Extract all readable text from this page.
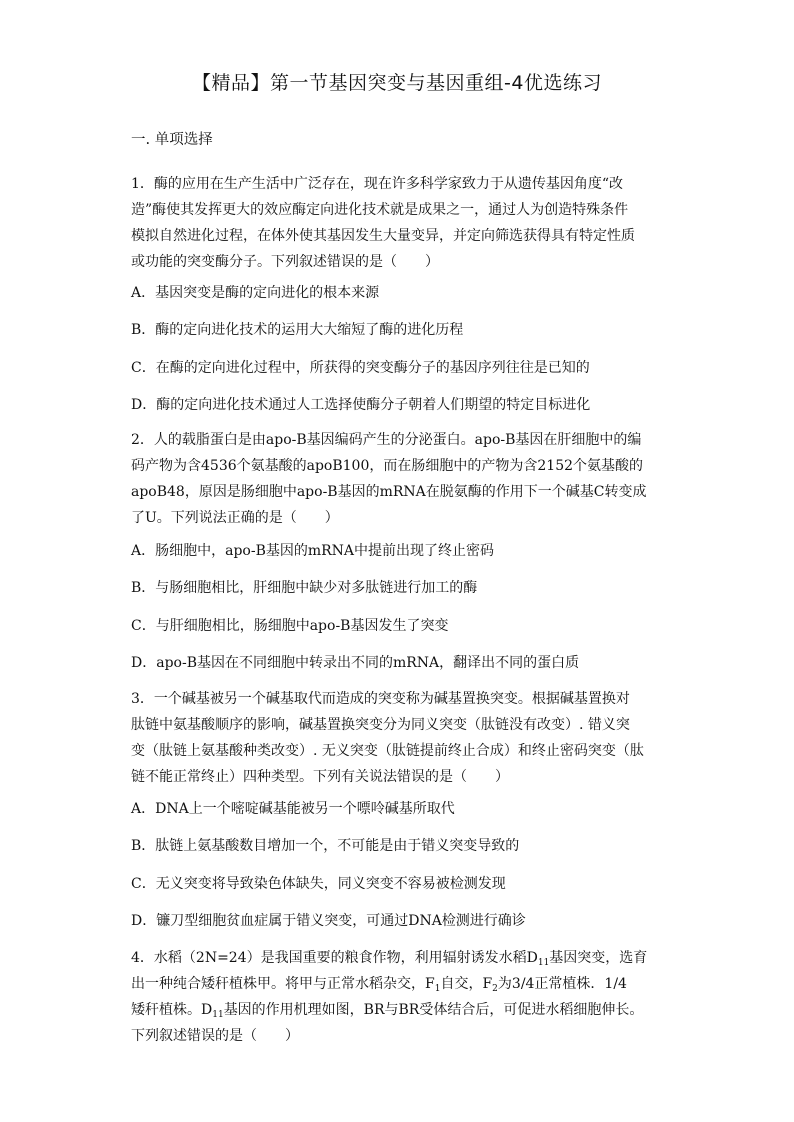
【精品】第一节基因突变与基因重组-4优选练习
一. 单项选择
1．酶的应用在生产生活中广泛存在，现在许多科学家致力于从遗传基因角度“改
造”酶使其发挥更大的效应酶定向进化技术就是成果之一，通过人为创造特殊条件
模拟自然进化过程，在体外使其基因发生大量变异，并定向筛选获得具有特定性质
或功能的突变酶分子。下列叙述错误的是（　　）
A．基因突变是酶的定向进化的根本来源
B．酶的定向进化技术的运用大大缩短了酶的进化历程
C．在酶的定向进化过程中，所获得的突变酶分子的基因序列往往是已知的
D．酶的定向进化技术通过人工选择使酶分子朝着人们期望的特定目标进化
2．人的载脂蛋白是由apo-B基因编码产生的分泌蛋白。apo-B基因在肝细胞中的编
码产物为含4536个氨基酸的apoB100，而在肠细胞中的产物为含2152个氨基酸的
apoB48，原因是肠细胞中apo-B基因的mRNA在脱氨酶的作用下一个碱基C转变成
了U。下列说法正确的是（　　）
A．肠细胞中，apo-B基因的mRNA中提前出现了终止密码
B．与肠细胞相比，肝细胞中缺少对多肽链进行加工的酶
C．与肝细胞相比，肠细胞中apo-B基因发生了突变
D．apo-B基因在不同细胞中转录出不同的mRNA，翻译出不同的蛋白质
3．一个碱基被另一个碱基取代而造成的突变称为碱基置换突变。根据碱基置换对
肽链中氨基酸顺序的影响，碱基置换突变分为同义突变（肽链没有改变）. 错义突
变（肽链上氨基酸种类改变）. 无义突变（肽链提前终止合成）和终止密码突变（肽
链不能正常终止）四种类型。下列有关说法错误的是（　　）
A．DNA上一个嘧啶碱基能被另一个嘌呤碱基所取代
B．肽链上氨基酸数目增加一个，不可能是由于错义突变导致的
C．无义突变将导致染色体缺失，同义突变不容易被检测发现
D．镰刀型细胞贫血症属于错义突变，可通过DNA检测进行确诊
4．水稻（2N=24）是我国重要的粮食作物，利用辐射诱发水稻$D_{11}$基因突变，选育
出一种纯合矮秆植株甲。将甲与正常水稻杂交，$F_1$自交，$F_2$为3/4正常植株．1/4
矮秆植株。$D_{11}$基因的作用机理如图，BR与BR受体结合后，可促进水稻细胞伸长。
下列叙述错误的是（　　）
